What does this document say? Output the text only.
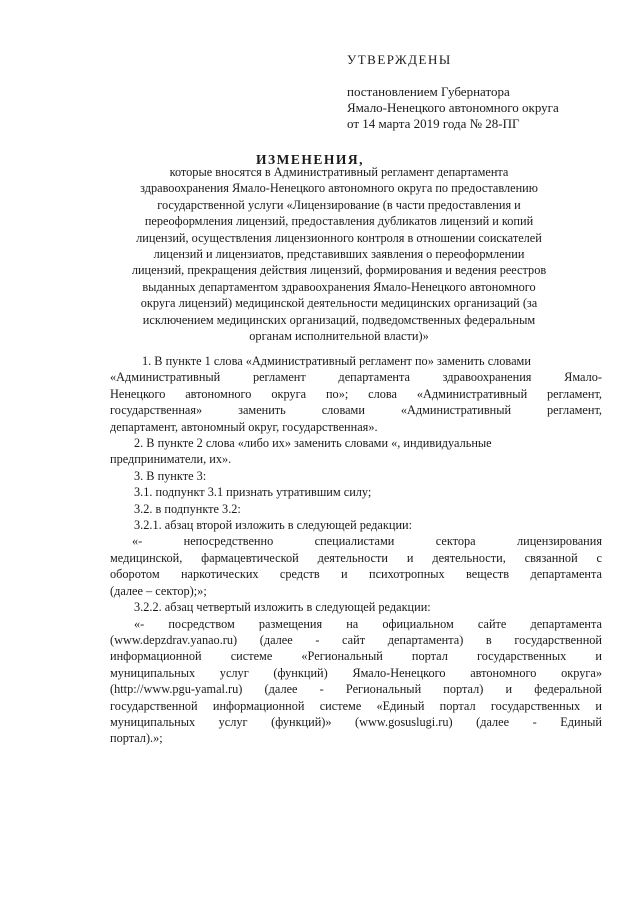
УТВЕРЖДЕНЫ
постановлением Губернатора
Ямало-Ненецкого автономного округа
от 14 марта 2019 года № 28-ПГ
ИЗМЕНЕНИЯ,
которые вносятся в Административный регламент департамента
здравоохранения Ямало-Ненецкого автономного округа по предоставлению
государственной услуги «Лицензирование (в части предоставления и
переоформления лицензий, предоставления дубликатов лицензий и копий
лицензий, осуществления лицензионного контроля в отношении соискателей
лицензий и лицензиатов, представивших заявления о переоформлении
лицензий, прекращения действия лицензий, формирования и ведения реестров
выданных департаментом здравоохранения Ямало-Ненецкого автономного
округа лицензий) медицинской деятельности медицинских организаций (за
исключением медицинских организаций, подведомственных федеральным
органам исполнительной власти)»
1. В пункте 1 слова «Административный регламент по» заменить словами
«Административный регламент департамента здравоохранения Ямало-
Ненецкого автономного округа по»; слова «Административный регламент,
государственная» заменить словами «Административный регламент,
департамент, автономный округ, государственная».
2. В пункте 2 слова «либо их» заменить словами «, индивидуальные
предприниматели, их».
3. В пункте 3:
3.1. подпункт 3.1 признать утратившим силу;
3.2. в подпункте 3.2:
3.2.1. абзац второй изложить в следующей редакции:
«- непосредственно специалистами сектора лицензирования
медицинской, фармацевтической деятельности и деятельности, связанной с
оборотом наркотических средств и психотропных веществ департамента
(далее – сектор);»;
3.2.2. абзац четвертый изложить в следующей редакции:
«- посредством размещения на официальном сайте департамента
(www.depzdrav.yanao.ru) (далее - сайт департамента) в государственной
информационной системе «Региональный портал государственных и
муниципальных услуг (функций) Ямало-Ненецкого автономного округа»
(http://www.pgu-yamal.ru) (далее - Региональный портал) и федеральной
государственной информационной системе «Единый портал государственных и
муниципальных услуг (функций)» (www.gosuslugi.ru) (далее - Единый
портал).»;
